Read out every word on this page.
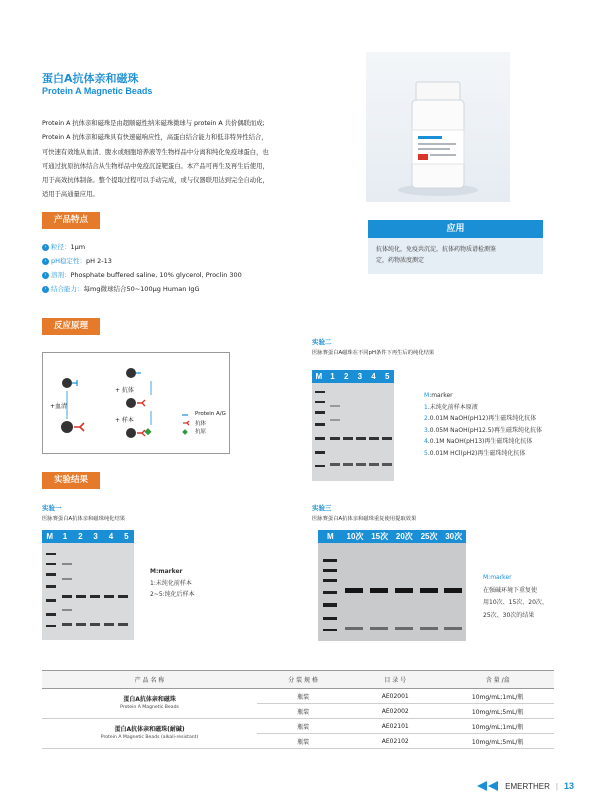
蛋白A抗体亲和磁珠
Protein A Magnetic Beads
Protein A 抗体亲和磁珠是由超顺磁性纳米磁珠微球与 protein A 共价偶联而成;
Protein A 抗体亲和磁珠具有快速磁响应性，高蛋白结合能力和低非特异性结合，
可快速有效地从血清、腹水或细胞培养液等生物样品中分离和纯化免疫球蛋白，也
可通过抗原抗体结合从生物样品中免疫沉淀靶蛋白。本产品可再生及再生后使用，
用于高效抗体制备。整个提取过程可以手动完成，或与仪器联用达到完全自动化，
适用于高通量应用。
产品特点
› 粒径：1μm
› pH稳定性：pH 2-13
› 溶剂：Phosphate buffered saline, 10% glycerol, Proclin 300
› 结合能力：每mg微球结合50~100μg Human IgG
应用
抗体纯化，免疫共沉淀，抗体药物质谱检测鉴
定，药物浓度测定
反应原理
+血清
+ 抗体
+ 样本
Protein A/G
抗体
抗原
实验结果
实验一
医脉赛蛋白A抗体亲和磁珠纯化结果
M	1	2	3	4	5
M:marker
1:未纯化前样本
2~5:纯化后样本
实验二
医脉赛蛋白A磁珠在不同pH条件下再生后的纯化结果
M	1	2	3	4	5
M:marker
1.未纯化前样本原液
2.0.01M NaOH(pH12)再生磁珠纯化抗体
3.0.05M NaOH(pH12.5)再生磁珠纯化抗体
4.0.1M NaOH(pH13)再生磁珠纯化抗体
5.0.01M HCl(pH2)再生磁珠纯化抗体
实验三
医脉赛蛋白A抗体亲和磁珠重复使用提取效果
M	10次 15次 20次 25次 30次
M:marker
在强碱环境下重复使
用10次、15次、20次、
25次、30次的结果
产 品 名 称	分 装 规 格	目 录 号	含 量 /盒

蛋白A抗体亲和磁珠
Protein A Magnetic Beads	瓶装	AE02001	10mg/mL;1mL/瓶
	瓶装	AE02002	10mg/mL;5mL/瓶

蛋白A抗体亲和磁珠(耐碱)
Protein A Magnetic Beads (alkali-resistant)	瓶装	AE02101	10mg/mL;1mL/瓶
	瓶装	AE02102	10mg/mL;5mL/瓶
EMERTHER | 13
